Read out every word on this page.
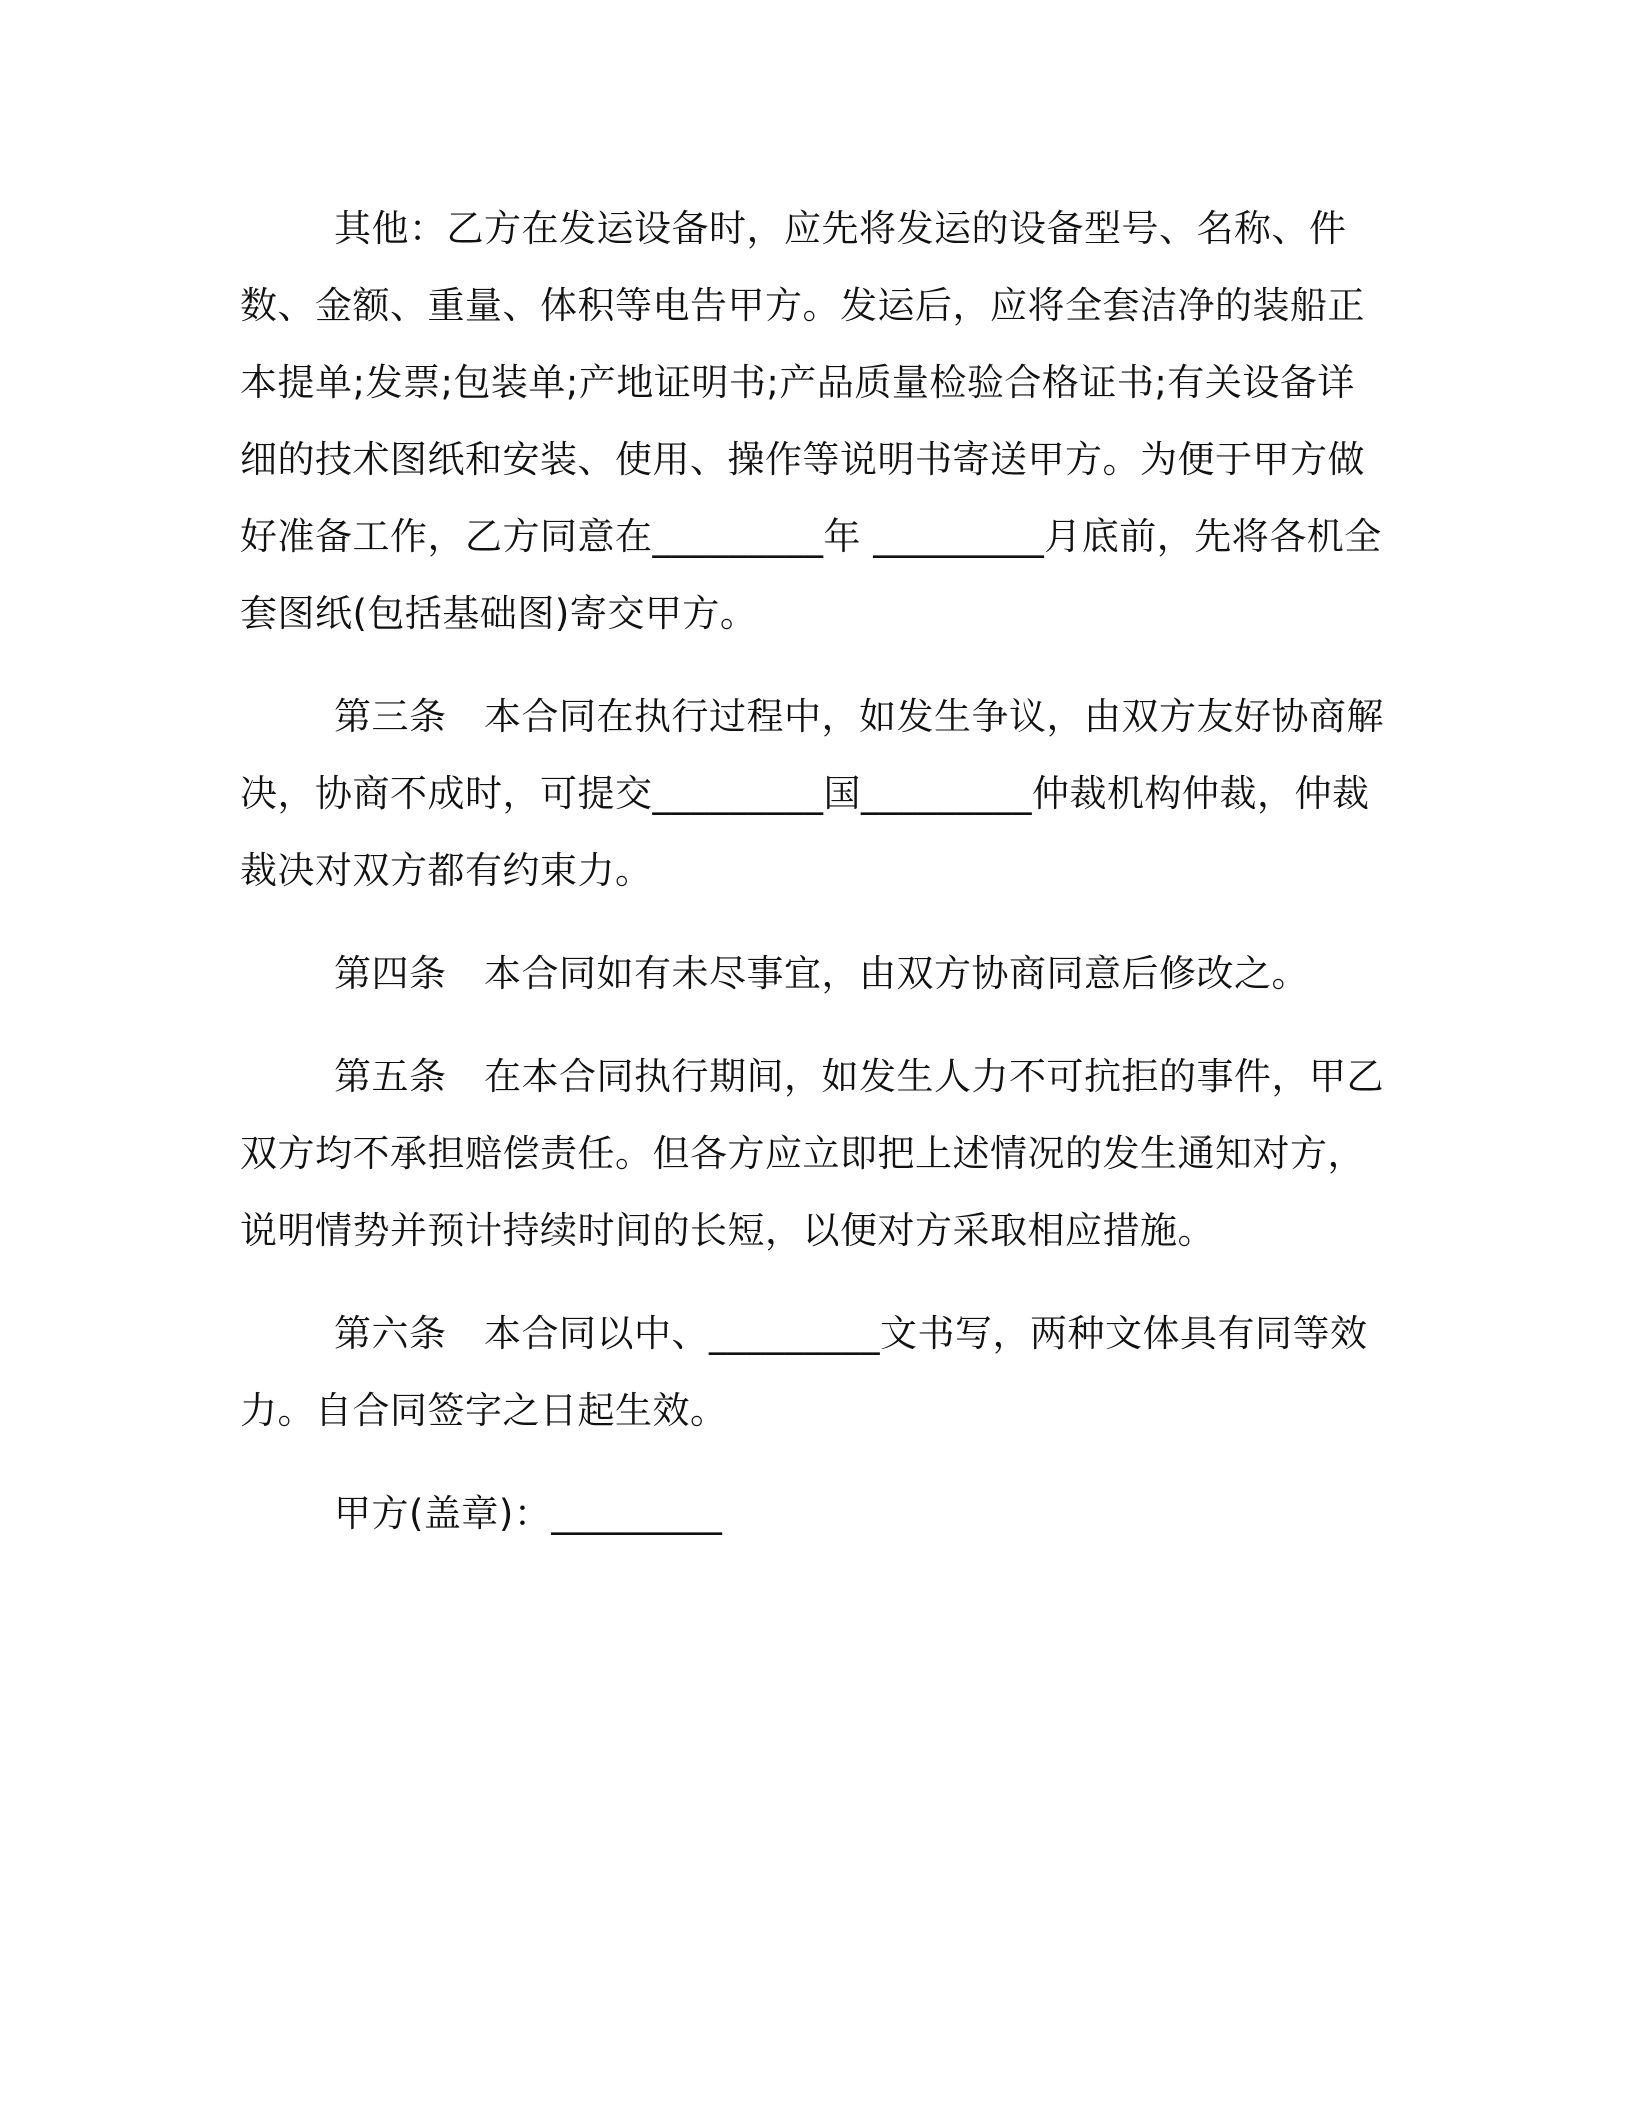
其他：乙方在发运设备时，应先将发运的设备型号、名称、件数、金额、重量、体积等电告甲方。发运后，应将全套洁净的装船正本提单;发票;包装单;产地证明书;产品质量检验合格证书;有关设备详细的技术图纸和安装、使用、操作等说明书寄送甲方。为便于甲方做好准备工作，乙方同意在_________年 _________月底前，先将各机全套图纸(包括基础图)寄交甲方。

第三条　本合同在执行过程中，如发生争议，由双方友好协商解决，协商不成时，可提交_________国_________仲裁机构仲裁，仲裁裁决对双方都有约束力。

第四条　本合同如有未尽事宜，由双方协商同意后修改之。

第五条　在本合同执行期间，如发生人力不可抗拒的事件，甲乙双方均不承担赔偿责任。但各方应立即把上述情况的发生通知对方，说明情势并预计持续时间的长短，以便对方采取相应措施。

第六条　本合同以中、_________文书写，两种文体具有同等效力。自合同签字之日起生效。

甲方(盖章)：_________
